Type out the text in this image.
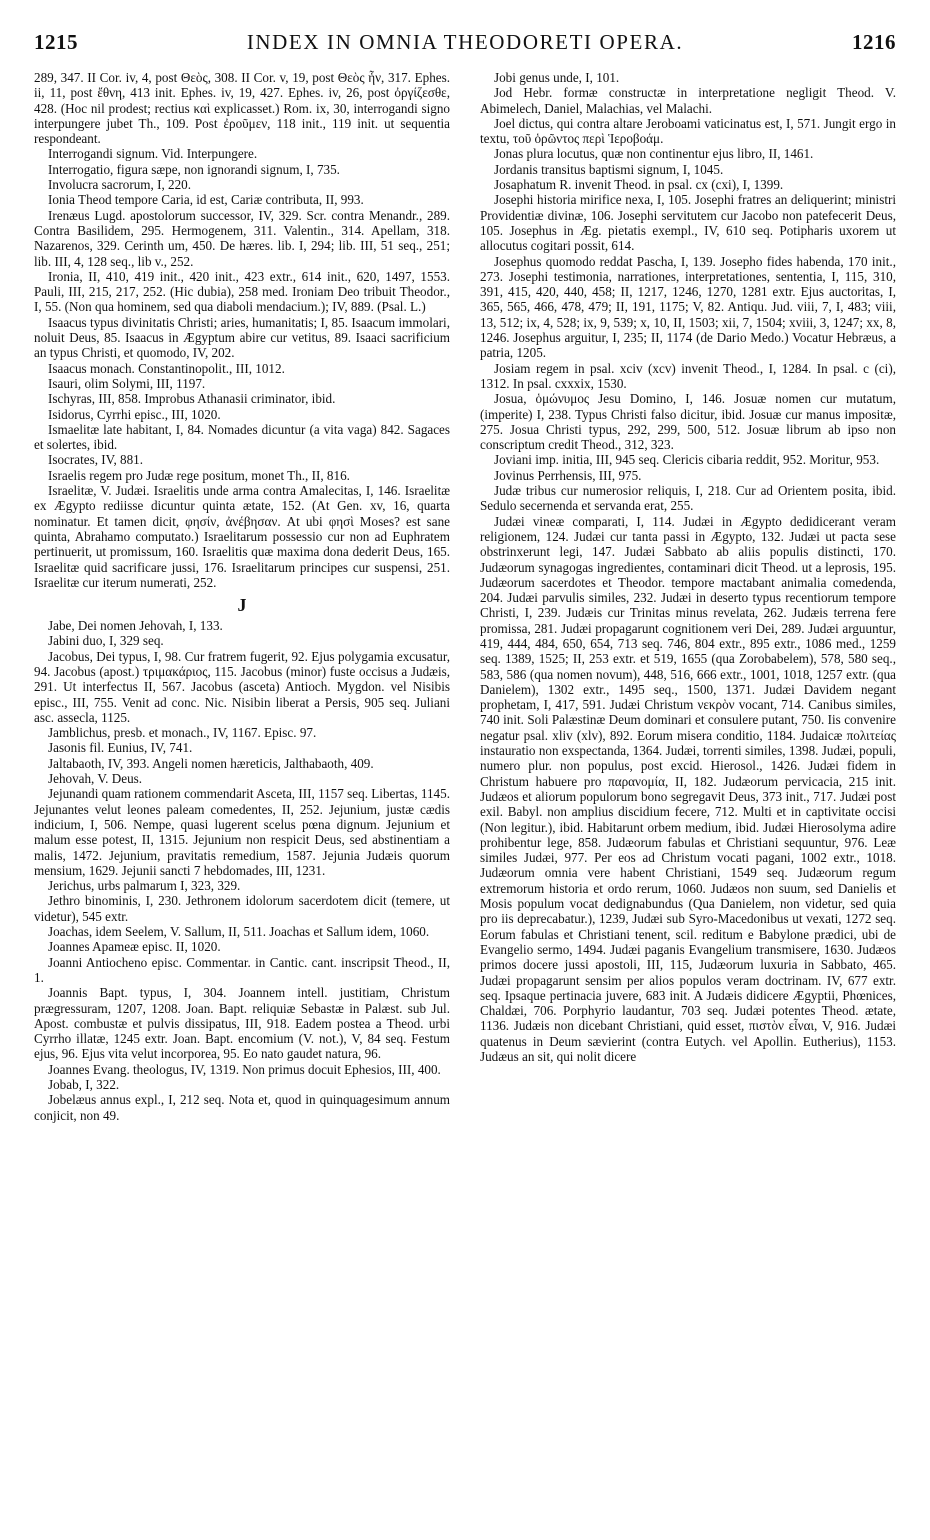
1215	INDEX IN OMNIA THEODORETI OPERA.	1216

289, 347. II Cor. iv, 4, post Θεὸς, 308. II Cor. v, 19, post Θεὸς ἦν, 317. Ephes. ii, 11, post ἔθνη, 413 init. Ephes. iv, 19, 427. Ephes. iv, 26, post ὀργίζεσθε, 428. (Hoc nil prodest; rectius καὶ explicasset.) Rom. ix, 30, interrogandi signo interpungere jubet Th., 109. Post ἐροῦμεν, 118 init., 119 init. ut sequentia respondeant.

Interrogandi signum. Vid. Interpungere.

Interrogatio, figura sæpe, non ignorandi signum, I, 735.

Involucra sacrorum, I, 220.

Ionia Theod tempore Caria, id est, Cariæ contributa, II, 993.

Irenæus Lugd. apostolorum successor, IV, 329. Scr. contra Menandr., 289. Contra Basilidem, 295. Hermogenem, 311. Valentin., 314. Apellam, 318. Nazarenos, 329. Cerinth um, 450. De hæres. lib. I, 294; lib. III, 51 seq., 251; lib. III, 4, 128 seq., lib v., 252.

Ironia, II, 410, 419 init., 420 init., 423 extr., 614 init., 620, 1497, 1553. Pauli, III, 215, 217, 252. (Hic dubia), 258 med. Ironiam Deo tribuit Theodor., I, 55. (Non qua hominem, sed qua diaboli mendacium.); IV, 889. (Psal. L.)

Isaacus typus divinitatis Christi; aries, humanitatis; I, 85. Isaacum immolari, noluit Deus, 85. Isaacus in Ægyptum abire cur vetitus, 89. Isaaci sacrificium an typus Christi, et quomodo, IV, 202.

Isaacus monach. Constantinopolit., III, 1012.

Isauri, olim Solymi, III, 1197.

Ischyras, III, 858. Improbus Athanasii criminator, ibid.

Isidorus, Cyrrhi episc., III, 1020.

Ismaelitæ late habitant, I, 84. Nomades dicuntur (a vita vaga) 842. Sagaces et solertes, ibid.

Isocrates, IV, 881.

Israelis regem pro Judæ rege positum, monet Th., II, 816.

Israelitæ, V. Judæi. Israelitis unde arma contra Amalecitas, I, 146. Israelitæ ex Ægypto rediisse dicuntur quinta ætate, 152. (At Gen. xv, 16, quarta nominatur. Et tamen dicit, φησίν, ἀνέβησαν. At ubi φησὶ Moses? est sane quinta, Abrahamo computato.) Israelitarum possessio cur non ad Euphratem pertinuerit, ut promissum, 160. Israelitis quæ maxima dona dederit Deus, 165. Israelitæ quid sacrificare jussi, 176. Israelitarum principes cur suspensi, 251. Israelitæ cur iterum numerati, 252.

J

Jabe, Dei nomen Jehovah, I, 133.

Jabini duo, I, 329 seq.

Jacobus, Dei typus, I, 98. Cur fratrem fugerit, 92. Ejus polygamia excusatur, 94. Jacobus (apost.) τριμακάριος, 115. Jacobus (minor) fuste occisus a Judæis, 291. Ut interfectus II, 567. Jacobus (asceta) Antioch. Mygdon. vel Nisibis episc., III, 755. Venit ad conc. Nic. Nisibin liberat a Persis, 905 seq. Juliani asc. assecla, 1125.

Jamblichus, presb. et monach., IV, 1167. Episc. 97.

Jasonis fil. Eunius, IV, 741.

Jaltabaoth, IV, 393. Angeli nomen hæreticis, Jalthabaoth, 409.

Jehovah, V. Deus.

Jejunandi quam rationem commendarit Asceta, III, 1157 seq. Libertas, 1145. Jejunantes velut leones paleam comedentes, II, 252. Jejunium, justæ cædis indicium, I, 506. Nempe, quasi lugerent scelus pœna dignum. Jejunium et malum esse potest, II, 1315. Jejunium non respicit Deus, sed abstinentiam a malis, 1472. Jejunium, pravitatis remedium, 1587. Jejunia Judæis quorum mensium, 1629. Jejunii sancti 7 hebdomades, III, 1231.

Jerichus, urbs palmarum I, 323, 329.

Jethro binominis, I, 230. Jethronem idolorum sacerdotem dicit (temere, ut videtur), 545 extr.

Joachas, idem Seelem, V. Sallum, II, 511. Joachas et Sallum idem, 1060.

Joannes Apameæ episc. II, 1020.

Joanni Antiocheno episc. Commentar. in Cantic. cant. inscripsit Theod., II, 1.

Joannis Bapt. typus, I, 304. Joannem intell. justitiam, Christum prægressuram, 1207, 1208. Joan. Bapt. reliquiæ Sebastæ in Palæst. sub Jul. Apost. combustæ et pulvis dissipatus, III, 918. Eadem postea a Theod. urbi Cyrrho illatæ, 1245 extr. Joan. Bapt. encomium (V. not.), V, 84 seq. Festum ejus, 96. Ejus vita velut incorporea, 95. Eo nato gaudet natura, 96.

Joannes Evang. theologus, IV, 1319. Non primus docuit Ephesios, III, 400.

Jobab, I, 322.

Jobelæus annus expl., I, 212 seq. Nota et, quod in quinquagesimum annum conjicit, non 49.

Jobi genus unde, I, 101.

Jod Hebr. formæ constructæ in interpretatione negligit Theod. V. Abimelech, Daniel, Malachias, vel Malachi.

Joel dictus, qui contra altare Jeroboami vaticinatus est, I, 571. Jungit ergo in textu, τοῦ ὁρῶντος περὶ Ἱεροβοάμ.

Jonas plura locutus, quæ non continentur ejus libro, II, 1461.

Jordanis transitus baptismi signum, I, 1045.

Josaphatum R. invenit Theod. in psal. cx (cxi), I, 1399.

Josephi historia mirifice nexa, I, 105. Josephi fratres an deliquerint; ministri Providentiæ divinæ, 106. Josephi servitutem cur Jacobo non patefecerit Deus, 105. Josephus in Æg. pietatis exempl., IV, 610 seq. Potipharis uxorem ut allocutus cogitari possit, 614.

Josephus quomodo reddat Pascha, I, 139. Josepho fides habenda, 170 init., 273. Josephi testimonia, narrationes, interpretationes, sententia, I, 115, 310, 391, 415, 420, 440, 458; II, 1217, 1246, 1270, 1281 extr. Ejus auctoritas, I, 365, 565, 466, 478, 479; II, 191, 1175; V, 82. Antiqu. Jud. viii, 7, I, 483; viii, 13, 512; ix, 4, 528; ix, 9, 539; x, 10, II, 1503; xii, 7, 1504; xviii, 3, 1247; xx, 8, 1246. Josephus arguitur, I, 235; II, 1174 (de Dario Medo.) Vocatur Hebræus, a patria, 1205.

Josiam regem in psal. xciv (xcv) invenit Theod., I, 1284. In psal. c (ci), 1312. In psal. cxxxix, 1530.

Josua, ὁμώνυμος Jesu Domino, I, 146. Josuæ nomen cur mutatum, (imperite) I, 238. Typus Christi falso dicitur, ibid. Josuæ cur manus impositæ, 275. Josua Christi typus, 292, 299, 500, 512. Josuæ librum ab ipso non conscriptum credit Theod., 312, 323.

Joviani imp. initia, III, 945 seq. Clericis cibaria reddit, 952. Moritur, 953.

Jovinus Perrhensis, III, 975.

Judæ tribus cur numerosior reliquis, I, 218. Cur ad Orientem posita, ibid. Sedulo secernenda et servanda erat, 255.

Judæi vineæ comparati, I, 114. Judæi in Ægypto dedidicerant veram religionem, 124. Judæi cur tanta passi in Ægypto, 132. Judæi ut pacta sese obstrinxerunt legi, 147. Judæi Sabbato ab aliis populis distincti, 170. Judæorum synagogas ingredientes, contaminari dicit Theod. ut a leprosis, 195. Judæorum sacerdotes et Theodor. tempore mactabant animalia comedenda, 204. Judæi parvulis similes, 232. Judæi in deserto typus recentiorum tempore Christi, I, 239. Judæis cur Trinitas minus revelata, 262. Judæis terrena fere promissa, 281. Judæi propagarunt cognitionem veri Dei, 289. Judæi arguuntur, 419, 444, 484, 650, 654, 713 seq. 746, 804 extr., 895 extr., 1086 med., 1259 seq. 1389, 1525; II, 253 extr. et 519, 1655 (qua Zorobabelem), 578, 580 seq., 583, 586 (qua nomen novum), 448, 516, 666 extr., 1001, 1018, 1257 extr. (qua Danielem), 1302 extr., 1495 seq., 1500, 1371. Judæi Davidem negant prophetam, I, 417, 591. Judæi Christum νεκρὸν vocant, 714. Canibus similes, 740 init. Soli Palæstinæ Deum dominari et consulere putant, 750. Iis convenire negatur psal. xliv (xlv), 892. Eorum misera conditio, 1184. Judaicæ πολιτείας instauratio non exspectanda, 1364. Judæi, torrenti similes, 1398. Judæi, populi, numero plur. non populus, post excid. Hierosol., 1426. Judæi fidem in Christum habuere pro παρανομία, II, 182. Judæorum pervicacia, 215 init. Judæos et aliorum populorum bono segregavit Deus, 373 init., 717. Judæi post exil. Babyl. non amplius discidium fecere, 712. Multi et in captivitate occisi (Non legitur.), ibid. Habitarunt orbem medium, ibid. Judæi Hierosolyma adire prohibentur lege, 858. Judæorum fabulas et Christiani sequuntur, 976. Leæ similes Judæi, 977. Per eos ad Christum vocati pagani, 1002 extr., 1018. Judæorum omnia vere habent Christiani, 1549 seq. Judæorum regum extremorum historia et ordo rerum, 1060. Judæos non suum, sed Danielis et Mosis populum vocat dedignabundus (Qua Danielem, non videtur, sed quia pro iis deprecabatur.), 1239, Judæi sub Syro-Macedonibus ut vexati, 1272 seq. Eorum fabulas et Christiani tenent, scil. reditum e Babylone prædici, ubi de Evangelio sermo, 1494. Judæi paganis Evangelium transmisere, 1630. Judæos primos docere jussi apostoli, III, 115, Judæorum luxuria in Sabbato, 465. Judæi propagarunt sensim per alios populos veram doctrinam. IV, 677 extr. seq. Ipsaque pertinacia juvere, 683 init. A Judæis didicere Ægyptii, Phœnices, Chaldæi, 706. Porphyrio laudantur, 703 seq. Judæi potentes Theod. ætate, 1136. Judæis non dicebant Christiani, quid esset, πιστὸν εἶναι, V, 916. Judæi quatenus in Deum sævierint (contra Eutych. vel Apollin. Eutherius), 1153. Judæus an sit, qui nolit dicere
